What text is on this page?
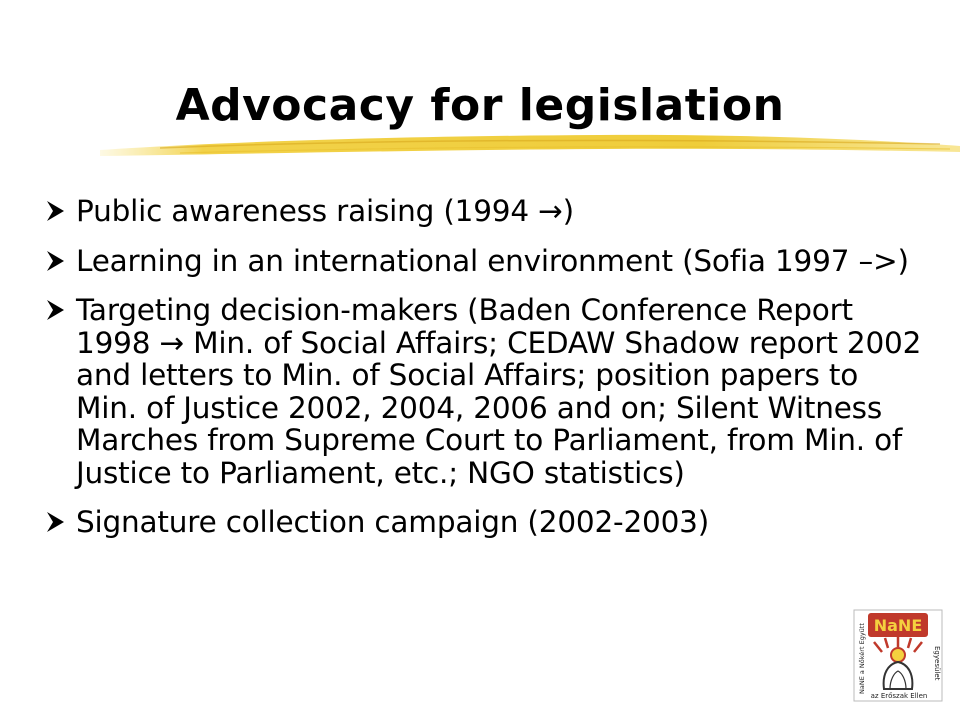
Advocacy for legislation
Public awareness raising (1994 →)
Learning in an international environment (Sofia 1997 –>)
Targeting decision-makers (Baden Conference Report 1998 → Min. of Social Affairs; CEDAW Shadow report 2002 and letters to Min. of Social Affairs; position papers to Min. of Justice 2002, 2004, 2006 and on; Silent Witness Marches from Supreme Court to Parliament, from Min. of Justice to Parliament, etc.; NGO statistics)
Signature collection campaign (2002-2003)
NaNE
NaNE a Nőkért Együtt	Egyesület
az Erőszak Ellen
